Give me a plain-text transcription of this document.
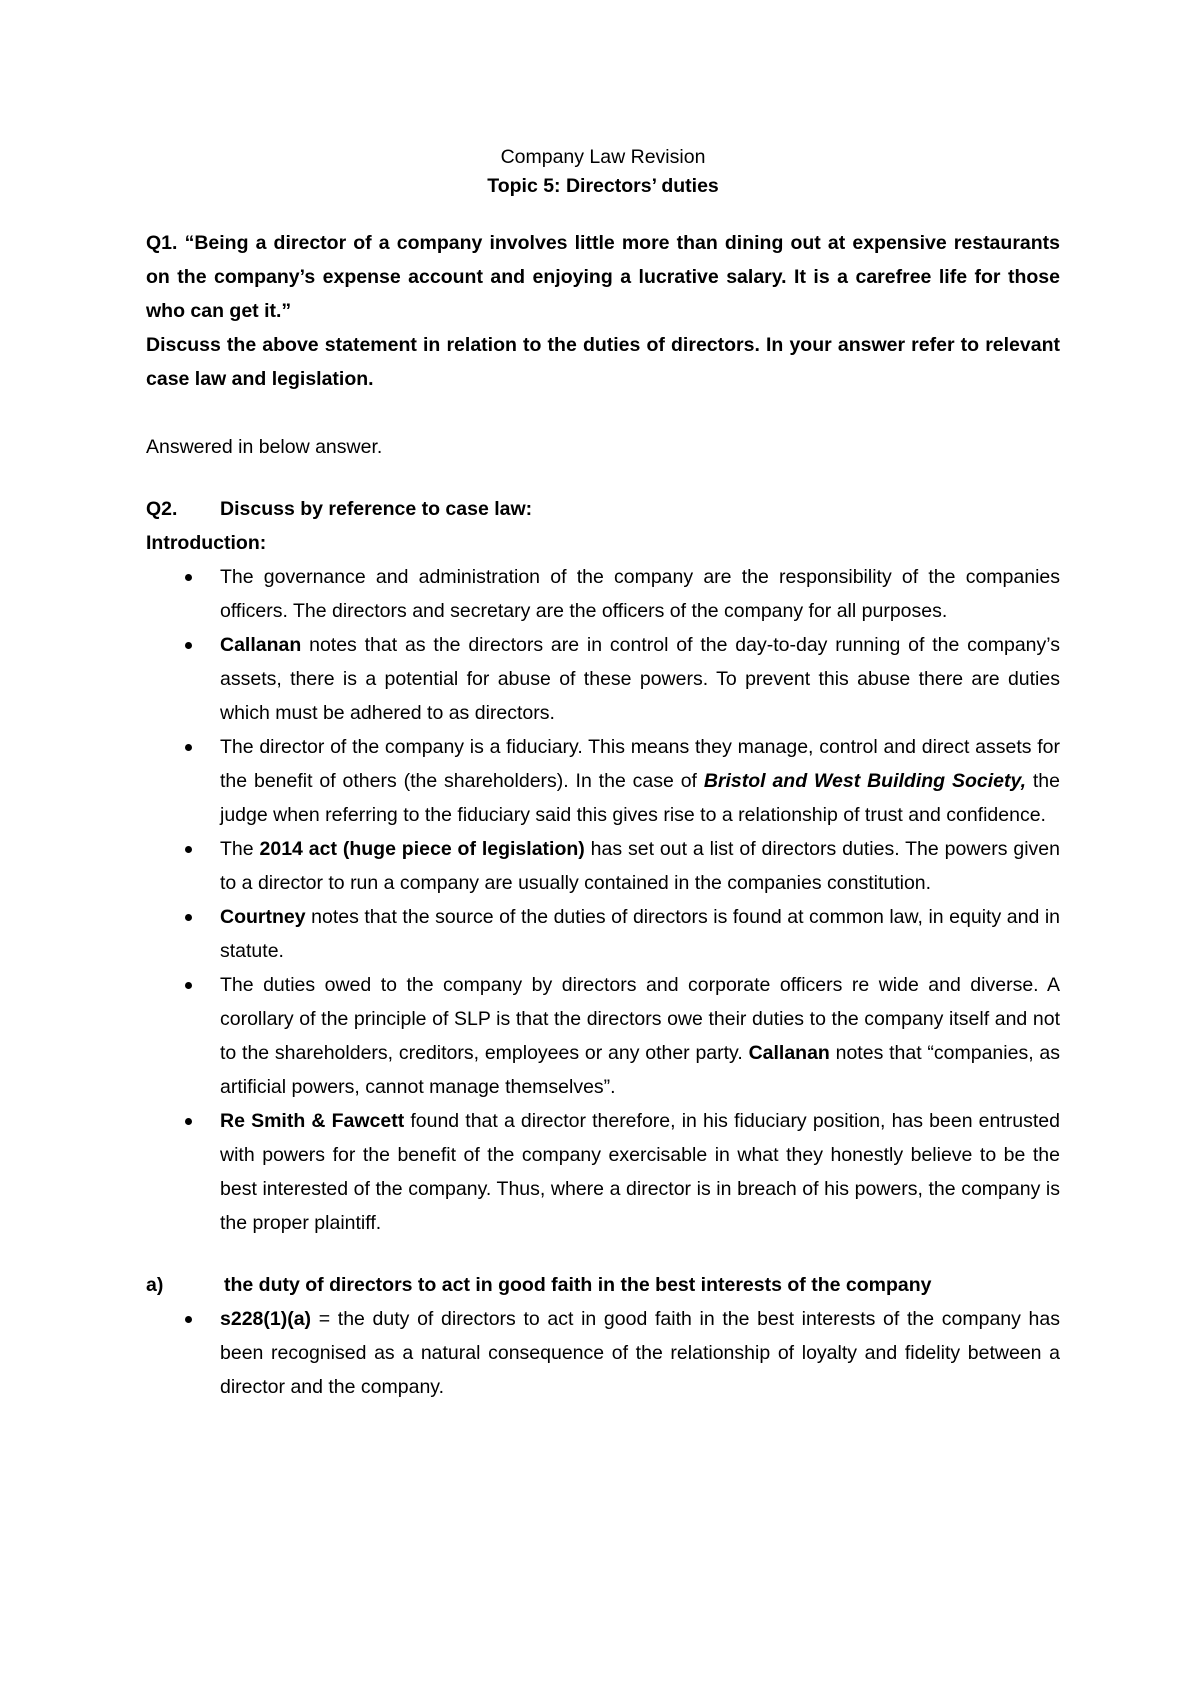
Company Law Revision
Topic 5: Directors’ duties

Q1. “Being a director of a company involves little more than dining out at expensive restaurants on the company’s expense account and enjoying a lucrative salary. It is a carefree life for those who can get it.”

Discuss the above statement in relation to the duties of directors. In your answer refer to relevant case law and legislation.

Answered in below answer.

Q2.	Discuss by reference to case law:
Introduction:
The governance and administration of the company are the responsibility of the companies officers. The directors and secretary are the officers of the company for all purposes.
Callanan notes that as the directors are in control of the day-to-day running of the company’s assets, there is a potential for abuse of these powers. To prevent this abuse there are duties which must be adhered to as directors.
The director of the company is a fiduciary. This means they manage, control and direct assets for the benefit of others (the shareholders). In the case of Bristol and West Building Society, the judge when referring to the fiduciary said this gives rise to a relationship of trust and confidence.
The 2014 act (huge piece of legislation) has set out a list of directors duties. The powers given to a director to run a company are usually contained in the companies constitution.
Courtney notes that the source of the duties of directors is found at common law, in equity and in statute.
The duties owed to the company by directors and corporate officers re wide and diverse. A corollary of the principle of SLP is that the directors owe their duties to the company itself and not to the shareholders, creditors, employees or any other party. Callanan notes that “companies, as artificial powers, cannot manage themselves”.
Re Smith & Fawcett found that a director therefore, in his fiduciary position, has been entrusted with powers for the benefit of the company exercisable in what they honestly believe to be the best interested of the company. Thus, where a director is in breach of his powers, the company is the proper plaintiff.
a)	the duty of directors to act in good faith in the best interests of the company
s228(1)(a) = the duty of directors to act in good faith in the best interests of the company has been recognised as a natural consequence of the relationship of loyalty and fidelity between a director and the company.
